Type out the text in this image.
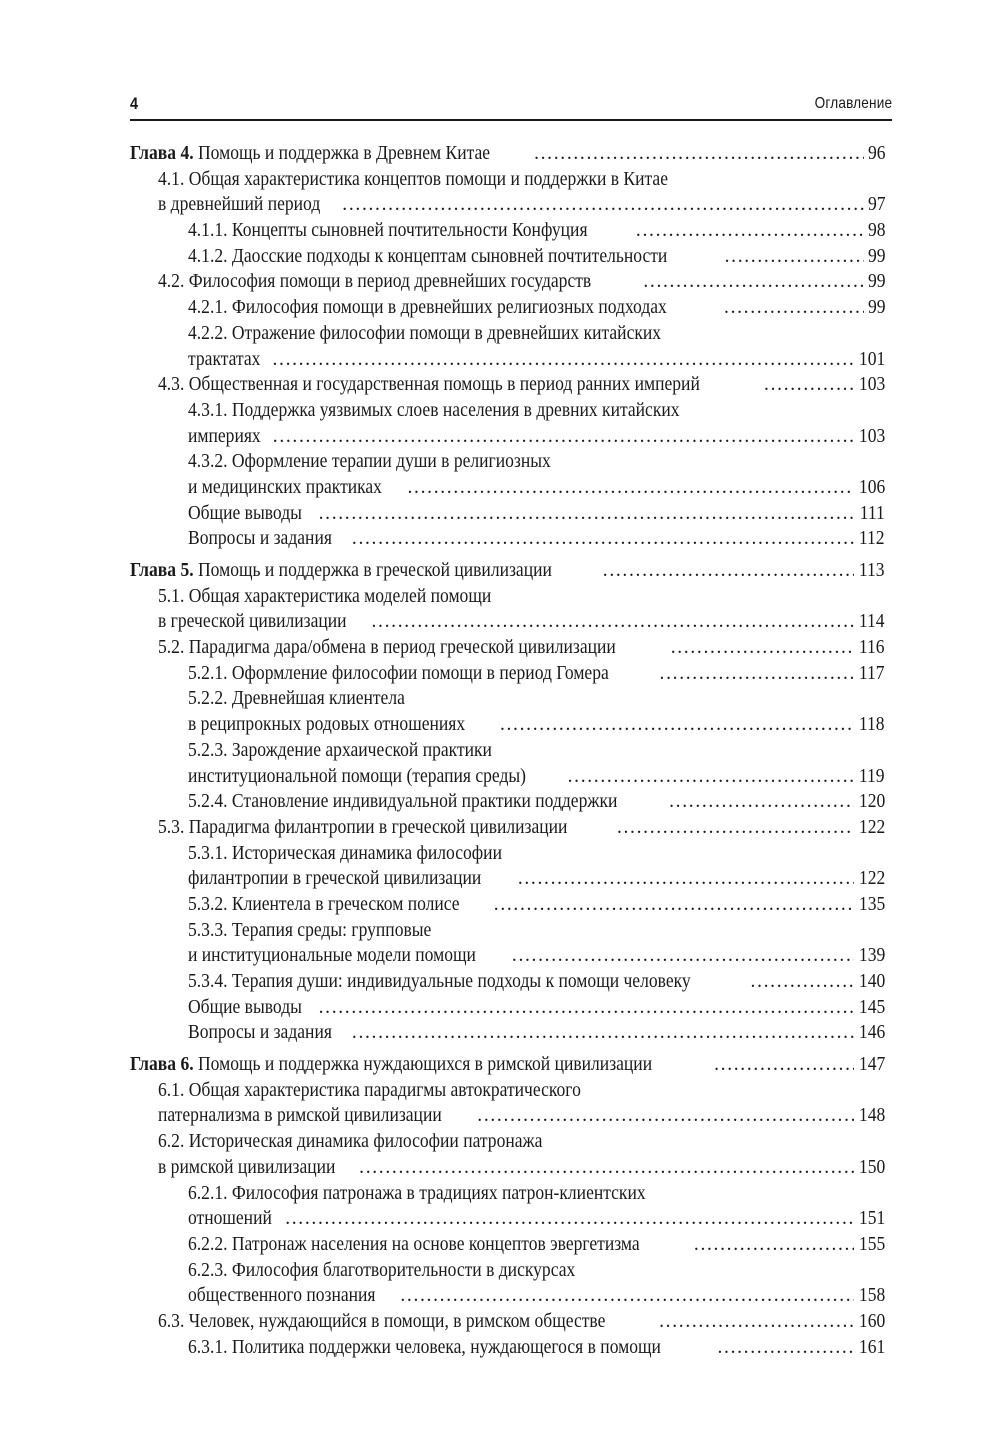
4	Оглавление
Глава 4. Помощь и поддержка в Древнем Китае . . .	96
4.1. Общая характеристика концептов помощи и поддержки в Китае
в древнейший период . . .	97
4.1.1. Концепты сыновней почтительности Конфуция . . .	98
4.1.2. Даосские подходы к концептам сыновней почтительности . . .	99
4.2. Философия помощи в период древнейших государств . . .	99
4.2.1. Философия помощи в древнейших религиозных подходах . . .	99
4.2.2. Отражение философии помощи в древнейших китайских
трактатах . . .	101
4.3. Общественная и государственная помощь в период ранних империй . . .	103
4.3.1. Поддержка уязвимых слоев населения в древних китайских
империях . . .	103
4.3.2. Оформление терапии души в религиозных
и медицинских практиках . . .	106
Общие выводы . . .	111
Вопросы и задания . . .	112
Глава 5. Помощь и поддержка в греческой цивилизации . . .	113
5.1. Общая характеристика моделей помощи
в греческой цивилизации . . .	114
5.2. Парадигма дара/обмена в период греческой цивилизации . . .	116
5.2.1. Оформление философии помощи в период Гомера . . .	117
5.2.2. Древнейшая клиентела
в реципрокных родовых отношениях . . .	118
5.2.3. Зарождение архаической практики
институциональной помощи (терапия среды) . . .	119
5.2.4. Становление индивидуальной практики поддержки . . .	120
5.3. Парадигма филантропии в греческой цивилизации . . .	122
5.3.1. Историческая динамика философии
филантропии в греческой цивилизации . . .	122
5.3.2. Клиентела в греческом полисе . . .	135
5.3.3. Терапия среды: групповые
и институциональные модели помощи . . .	139
5.3.4. Терапия души: индивидуальные подходы к помощи человеку . . .	140
Общие выводы . . .	145
Вопросы и задания . . .	146
Глава 6. Помощь и поддержка нуждающихся в римской цивилизации . . .	147
6.1. Общая характеристика парадигмы автократического
патернализма в римской цивилизации . . .	148
6.2. Историческая динамика философии патронажа
в римской цивилизации . . .	150
6.2.1. Философия патронажа в традициях патрон-клиентских
отношений . . .	151
6.2.2. Патронаж населения на основе концептов эвергетизма . . .	155
6.2.3. Философия благотворительности в дискурсах
общественного познания . . .	158
6.3. Человек, нуждающийся в помощи, в римском обществе . . .	160
6.3.1. Политика поддержки человека, нуждающегося в помощи . . .	161
